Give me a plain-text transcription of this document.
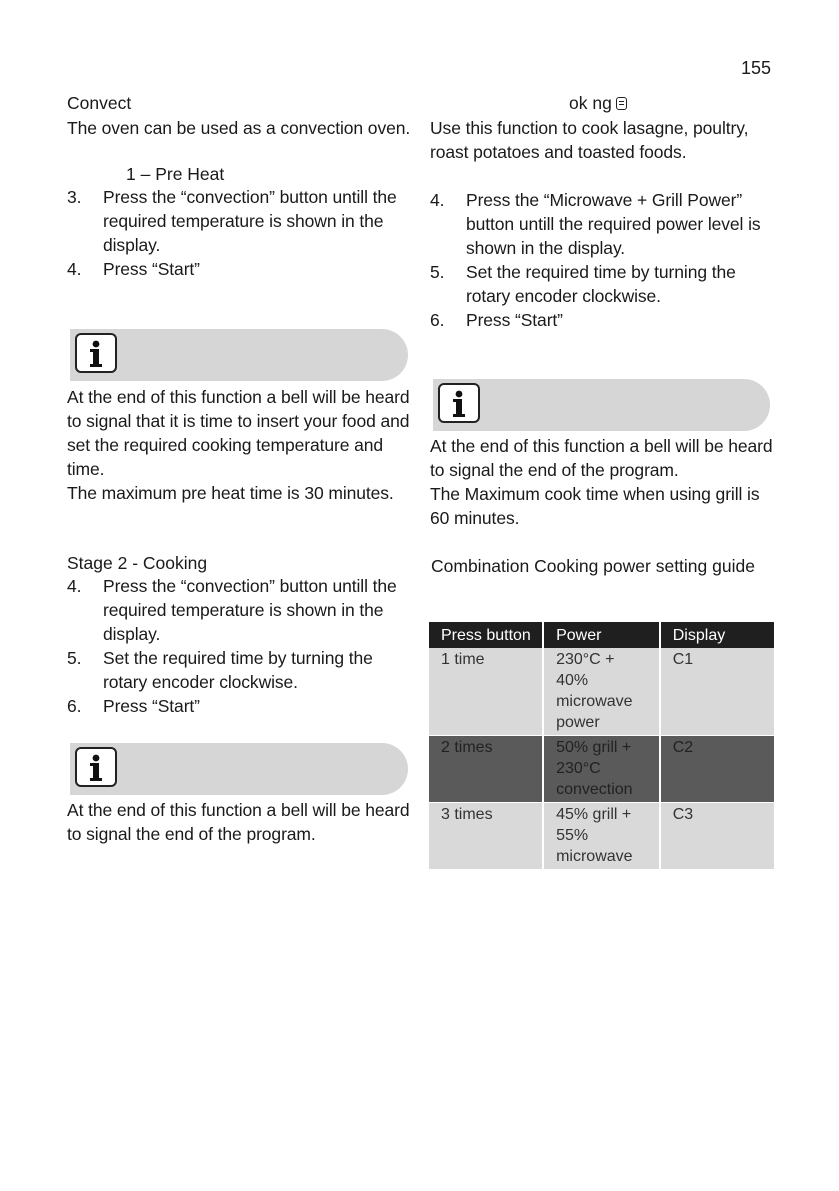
155
Convect

The oven can be used as a convection oven.

1 – Pre Heat
3. Press the “convection” button untill the required temperature is shown in the display.
4. Press “Start”

At the end of this function a bell will be heard to signal that it is time to insert your food and set the required cooking temperature and time.

The maximum pre heat time is 30 minutes.

Stage 2 - Cooking
4. Press the “convection” button untill the required temperature is shown in the display.
5. Set the required time by turning the rotary encoder clockwise.
6. Press “Start”
At the end of this function a bell will be heard to signal the end of the program.
ok ng

Use this function to cook lasagne, poultry, roast potatoes and toasted foods.

4. Press the “Microwave + Grill Power” button untill the required power level is shown in the display.
5. Set the required time by turning the rotary encoder clockwise.
6. Press “Start”

At the end of this function a bell will be heard to signal the end of the program.

The Maximum cook time when using grill is 60 minutes.

Combination Cooking power setting guide
Press button	Power	Display
1 time	230°C + 40% microwave power	C1
2 times	50% grill + 230°C convection	C2
3 times	45% grill + 55% microwave	C3
